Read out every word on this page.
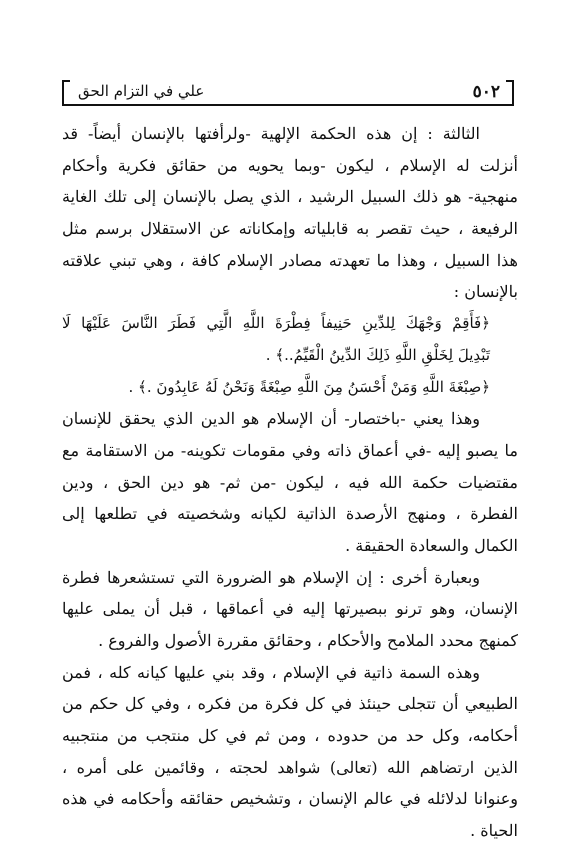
٥٠٢
علي في التزام الحق
الثالثة : إن هذه الحكمة الإلهية -ولرأفتها بالإنسان أيضاً- قد
أنزلت له الإسلام ، ليكون -وبما يحويه من حقائق فكرية وأحكام
منهجية- هو ذلك السبيل الرشيد ، الذي يصل بالإنسان إلى تلك الغاية
الرفيعة ، حيث تقصر به قابلياته وإمكاناته عن الاستقلال برسم مثل
هذا السبيل ، وهذا ما تعهدته مصادر الإسلام كافة ، وهي تبني علاقته
بالإنسان :
﴿فَأَقِمْ وَجْهَكَ لِلدِّينِ حَنِيفاً فِطْرَةَ اللَّهِ الَّتِي فَطَرَ النَّاسَ عَلَيْهَا لَا
تَبْدِيلَ لِخَلْقِ اللَّهِ ذَلِكَ الدِّينُ الْقَيِّمُ..﴾ .
﴿صِبْغَةَ اللَّهِ وَمَنْ أَحْسَنُ مِنَ اللَّهِ صِبْغَةً وَنَحْنُ لَهُ عَابِدُونَ .﴾ .
وهذا يعني -باختصار- أن الإسلام هو الدين الذي يحقق للإنسان
ما يصبو إليه -في أعماق ذاته وفي مقومات تكوينه- من الاستقامة مع
مقتضيات حكمة الله فيه ، ليكون -من ثم- هو دين الحق ، ودين
الفطرة ، ومنهج الأرصدة الذاتية لكيانه وشخصيته في تطلعها إلى
الكمال والسعادة الحقيقة .
وبعبارة أخرى : إن الإسلام هو الضرورة التي تستشعرها فطرة
الإنسان، وهو ترنو ببصيرتها إليه في أعماقها ، قبل أن يملى عليها
كمنهج محدد الملامح والأحكام ، وحقائق مقررة الأصول والفروع .
وهذه السمة ذاتية في الإسلام ، وقد بني عليها كيانه كله ، فمن
الطبيعي أن تتجلى حينئذ في كل فكرة من فكره ، وفي كل حكم من
أحكامه، وكل حد من حدوده ، ومن ثم في كل منتجب من منتجبيه
الذين ارتضاهم الله (تعالى) شواهد لحجته ، وقائمين على أمره ،
وعنوانا لدلائله في عالم الإنسان ، وتشخيص حقائقه وأحكامه في هذه
الحياة .
